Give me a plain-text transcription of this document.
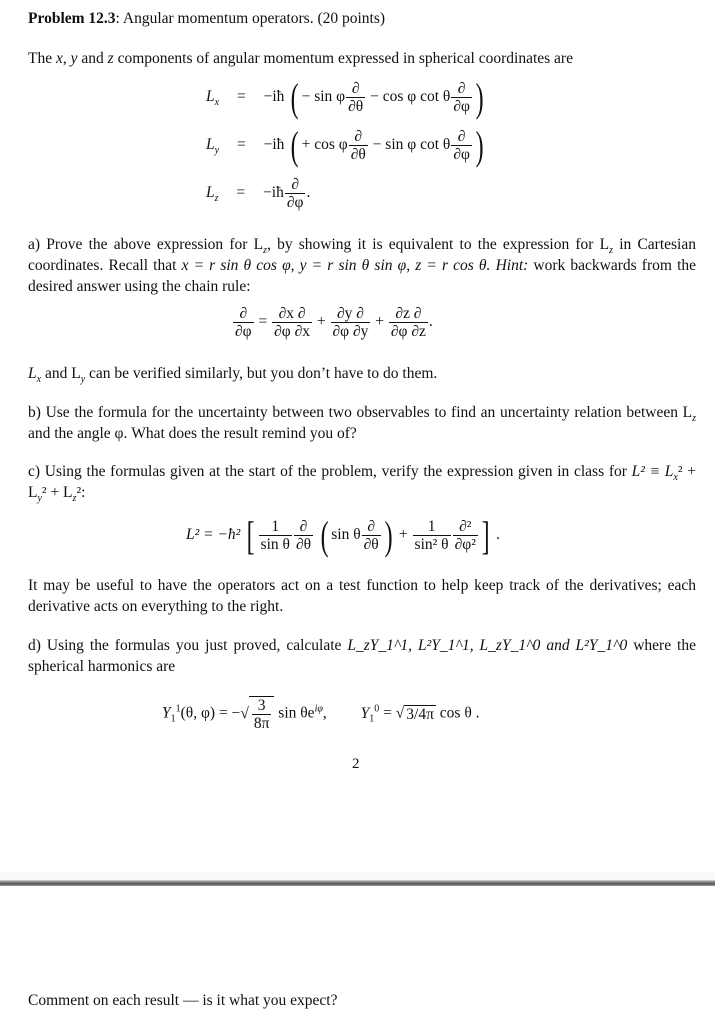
Problem 12.3: Angular momentum operators. (20 points)
The x, y and z components of angular momentum expressed in spherical coordinates are
$L_x$ = −iħ ( − sin φ $\frac{\partial}{\partial\theta} - \cos \varphi$ cot θ $\frac{\partial}{\partial\varphi}$ )
$L_y$ = −iħ ( + cos φ $\frac{\partial}{\partial\theta} - \sin \varphi$ cot θ $\frac{\partial}{\partial\varphi}$ )
$L_z$ = −iħ $\frac{\partial}{\partial\varphi}$ .
a) Prove the above expression for $L_z$, by showing it is equivalent to the expression for $L_z$ in Cartesian coordinates. Recall that x = r sin θ cos φ, y = r sin θ sin φ, z = r cos θ. Hint: work backwards from the desired answer using the chain rule:
$\frac{\partial}{\partial\varphi} = \frac{\partial x \partial}{\partial\varphi \partial x} + \frac{\partial y \partial}{\partial\varphi \partial y} + \frac{\partial z \partial}{\partial\varphi \partial z}$ .
$L_x$ and $L_y$ can be verified similarly, but you don’t have to do them.
b) Use the formula for the uncertainty between two observables to find an uncertainty relation between $L_z$ and the angle φ. What does the result remind you of?
c) Using the formulas given at the start of the problem, verify the expression given in class for $L^2 \equiv L_x^2 + L_y^2 + L_z^2$:
L² = −ħ² [ $\frac{1}{\text{sin θ}} \frac{\partial}{\partial\theta}$ ( sin θ $\frac{\partial}{\partial\theta}$ ) + $\frac{1}{\text{sin² θ}} \frac{\text{∂²}}{\text{∂φ²}}$ ] .
It may be useful to have the operators act on a test function to help keep track of the derivatives; each derivative acts on everything to the right.
d) Using the formulas you just proved, calculate L_zY_1^1, L²Y_1^1, L_zY_1^0 and L²Y_1^0 where the spherical harmonics are
$Y_1^1(\theta$, φ) = −√ $\frac{3}{8\pi}$ $\sin \theta e^{i\varphi}$, $Y_1^0$ = √ 3/4π cos θ .
2
Comment on each result — is it what you expect?
